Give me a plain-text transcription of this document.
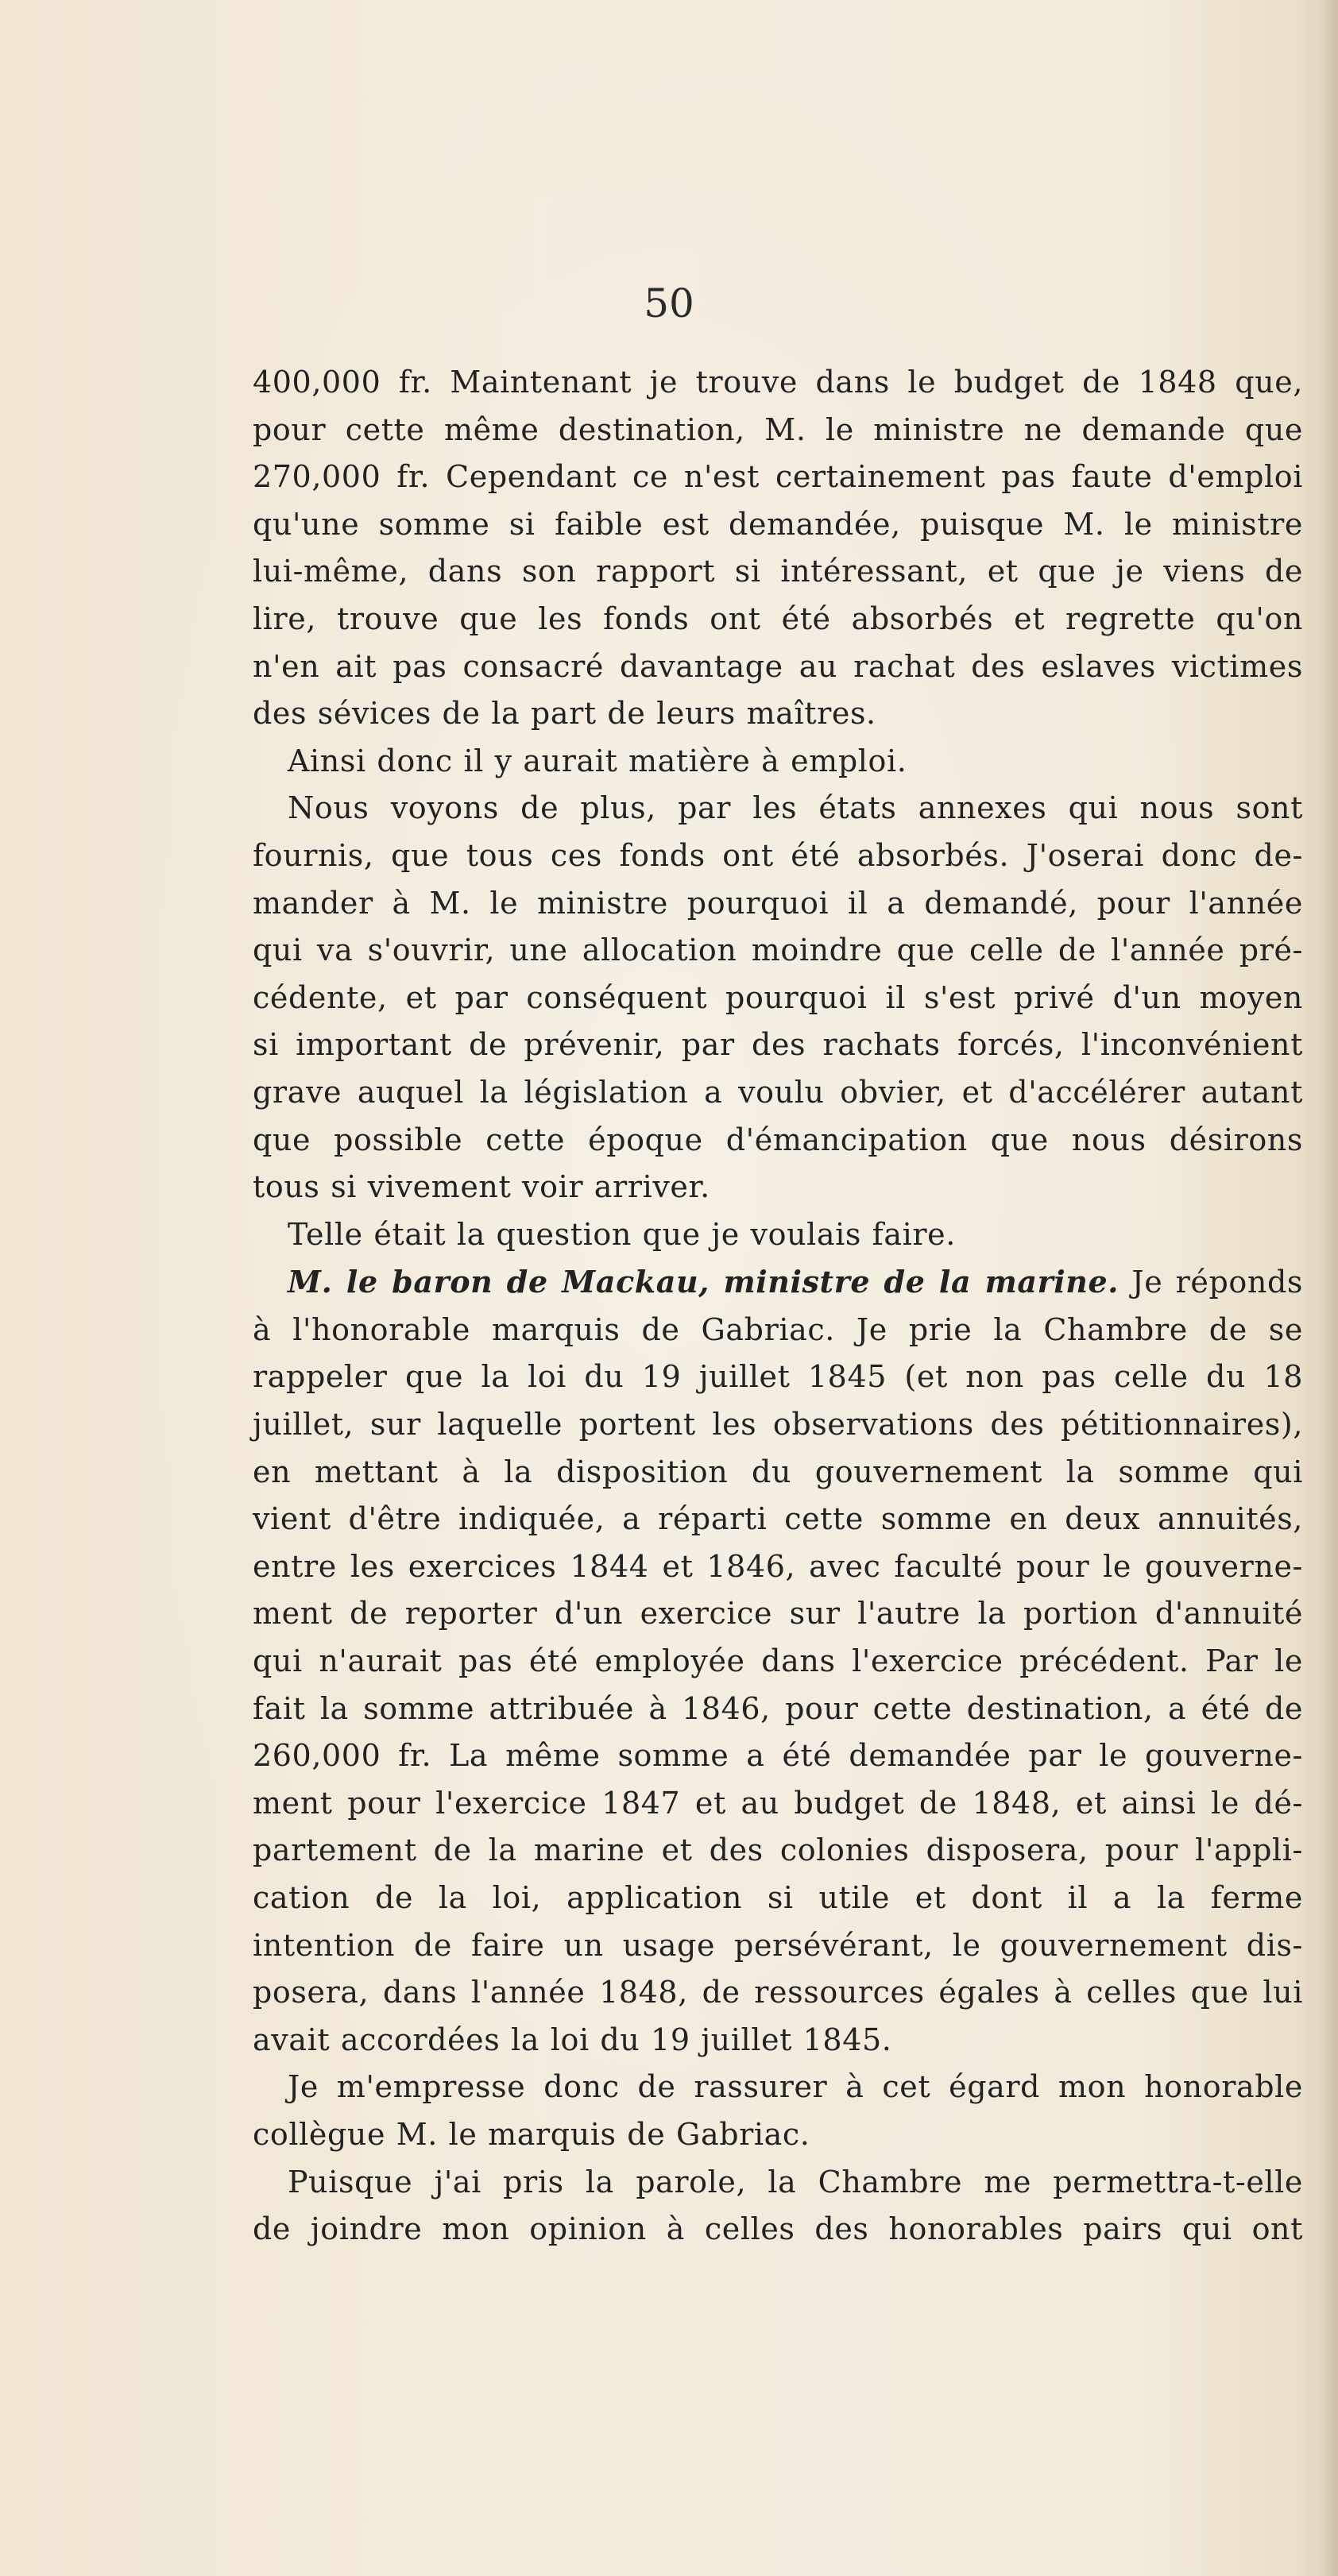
50

400,000 fr. Maintenant je trouve dans le budget de 1848 que,

pour cette même destination, M. le ministre ne demande que

270,000 fr. Cependant ce n'est certainement pas faute d'emploi

qu'une somme si faible est demandée, puisque M. le ministre

lui-même, dans son rapport si intéressant, et que je viens de

lire, trouve que les fonds ont été absorbés et regrette qu'on

n'en ait pas consacré davantage au rachat des eslaves victimes

des sévices de la part de leurs maîtres.

Ainsi donc il y aurait matière à emploi.

Nous voyons de plus, par les états annexes qui nous sont

fournis, que tous ces fonds ont été absorbés. J'oserai donc de-

mander à M. le ministre pourquoi il a demandé, pour l'année

qui va s'ouvrir, une allocation moindre que celle de l'année pré-

cédente, et par conséquent pourquoi il s'est privé d'un moyen

si important de prévenir, par des rachats forcés, l'inconvénient

grave auquel la législation a voulu obvier, et d'accélérer autant

que possible cette époque d'émancipation que nous désirons

tous si vivement voir arriver.

Telle était la question que je voulais faire.

M. le baron de Mackau, ministre de la marine. Je réponds

à l'honorable marquis de Gabriac. Je prie la Chambre de se

rappeler que la loi du 19 juillet 1845 (et non pas celle du 18

juillet, sur laquelle portent les observations des pétitionnaires),

en mettant à la disposition du gouvernement la somme qui

vient d'être indiquée, a réparti cette somme en deux annuités,

entre les exercices 1844 et 1846, avec faculté pour le gouverne-

ment de reporter d'un exercice sur l'autre la portion d'annuité

qui n'aurait pas été employée dans l'exercice précédent. Par le

fait la somme attribuée à 1846, pour cette destination, a été de

260,000 fr. La même somme a été demandée par le gouverne-

ment pour l'exercice 1847 et au budget de 1848, et ainsi le dé-

partement de la marine et des colonies disposera, pour l'appli-

cation de la loi, application si utile et dont il a la ferme

intention de faire un usage persévérant, le gouvernement dis-

posera, dans l'année 1848, de ressources égales à celles que lui

avait accordées la loi du 19 juillet 1845.

Je m'empresse donc de rassurer à cet égard mon honorable

collègue M. le marquis de Gabriac.

Puisque j'ai pris la parole, la Chambre me permettra-t-elle

de joindre mon opinion à celles des honorables pairs qui ont
